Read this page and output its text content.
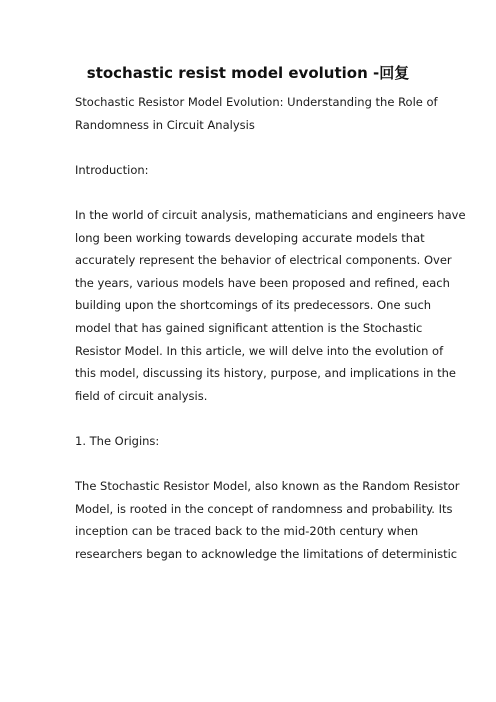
stochastic resist model evolution -回复
Stochastic Resistor Model Evolution: Understanding the Role of
Randomness in Circuit Analysis
Introduction:
In the world of circuit analysis, mathematicians and engineers have
long been working towards developing accurate models that
accurately represent the behavior of electrical components. Over
the years, various models have been proposed and refined, each
building upon the shortcomings of its predecessors. One such
model that has gained significant attention is the Stochastic
Resistor Model. In this article, we will delve into the evolution of
this model, discussing its history, purpose, and implications in the
field of circuit analysis.
1. The Origins:
The Stochastic Resistor Model, also known as the Random Resistor
Model, is rooted in the concept of randomness and probability. Its
inception can be traced back to the mid-20th century when
researchers began to acknowledge the limitations of deterministic
